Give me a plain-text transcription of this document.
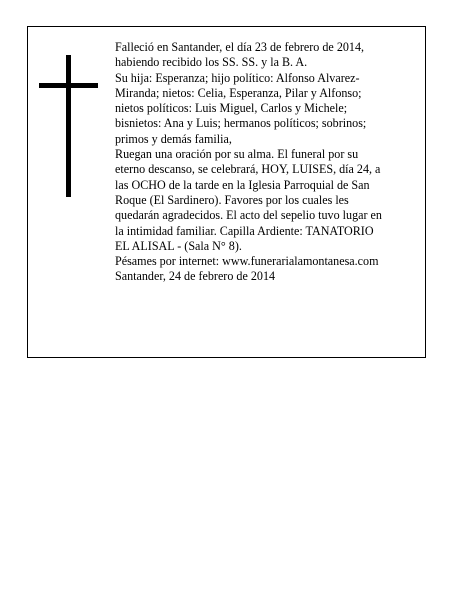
Falleció en Santander, el día 23 de febrero de 2014,
habiendo recibido los SS. SS. y la B. A.
Su hija: Esperanza; hijo político: Alfonso Alvarez-
Miranda; nietos: Celia, Esperanza, Pilar y Alfonso;
nietos políticos: Luis Miguel, Carlos y Michele;
bisnietos: Ana y Luis; hermanos políticos; sobrinos;
primos y demás familia,
Ruegan una oración por su alma. El funeral por su
eterno descanso, se celebrará, HOY, LUISES, día 24, a
las OCHO de la tarde en la Iglesia Parroquial de San
Roque (El Sardinero). Favores por los cuales les
quedarán agradecidos. El acto del sepelio tuvo lugar en
la intimidad familiar. Capilla Ardiente: TANATORIO
EL ALISAL - (Sala N° 8).
Pésames por internet: www.funerarialamontanesa.com
Santander, 24 de febrero de 2014
